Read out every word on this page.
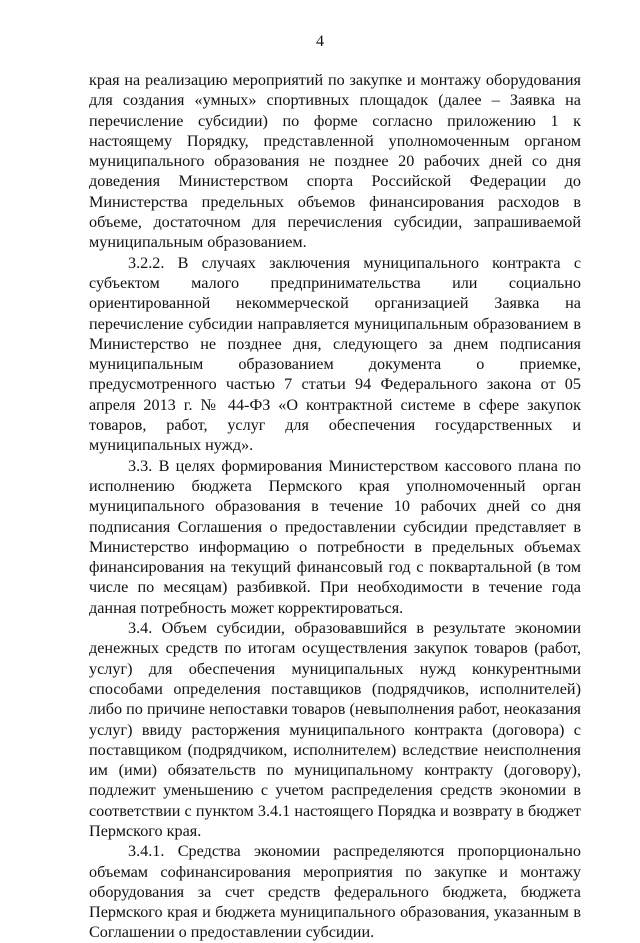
4

края на реализацию мероприятий по закупке и монтажу оборудования для создания «умных» спортивных площадок (далее – Заявка на перечисление субсидии) по форме согласно приложению 1 к настоящему Порядку, представленной уполномоченным органом муниципального образования не позднее 20 рабочих дней со дня доведения Министерством спорта Российской Федерации до Министерства предельных объемов финансирования расходов в объеме, достаточном для перечисления субсидии, запрашиваемой муниципальным образованием.

3.2.2. В случаях заключения муниципального контракта с субъектом малого предпринимательства или социально ориентированной некоммерческой организацией Заявка на перечисление субсидии направляется муниципальным образованием в Министерство не позднее дня, следующего за днем подписания муниципальным образованием документа о приемке, предусмотренного частью 7 статьи 94 Федерального закона от 05 апреля 2013 г. № 44-ФЗ «О контрактной системе в сфере закупок товаров, работ, услуг для обеспечения государственных и муниципальных нужд».

3.3. В целях формирования Министерством кассового плана по исполнению бюджета Пермского края уполномоченный орган муниципального образования в течение 10 рабочих дней со дня подписания Соглашения о предоставлении субсидии представляет в Министерство информацию о потребности в предельных объемах финансирования на текущий финансовый год с поквартальной (в том числе по месяцам) разбивкой. При необходимости в течение года данная потребность может корректироваться.

3.4. Объем субсидии, образовавшийся в результате экономии денежных средств по итогам осуществления закупок товаров (работ, услуг) для обеспечения муниципальных нужд конкурентными способами определения поставщиков (подрядчиков, исполнителей) либо по причине непоставки товаров (невыполнения работ, неоказания услуг) ввиду расторжения муниципального контракта (договора) с поставщиком (подрядчиком, исполнителем) вследствие неисполнения им (ими) обязательств по муниципальному контракту (договору), подлежит уменьшению с учетом распределения средств экономии в соответствии с пунктом 3.4.1 настоящего Порядка и возврату в бюджет Пермского края.

3.4.1. Средства экономии распределяются пропорционально объемам софинансирования мероприятия по закупке и монтажу оборудования за счет средств федерального бюджета, бюджета Пермского края и бюджета муниципального образования, указанным в Соглашении о предоставлении субсидии.
